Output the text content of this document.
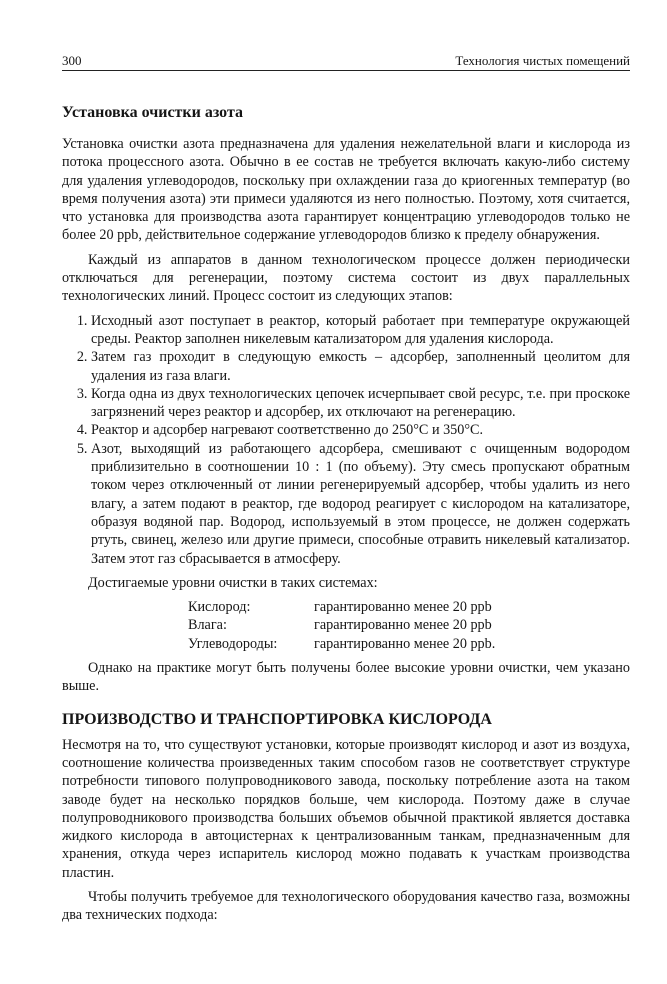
300	Технология чистых помещений
Установка очистки азота

Установка очистки азота предназначена для удаления нежелательной влаги и кислорода из потока процессного азота. Обычно в ее состав не требуется включать какую-либо систему для удаления углеводородов, поскольку при охлаждении газа до криогенных температур (во время получения азота) эти примеси удаляются из него полностью. Поэтому, хотя считается, что установка для производства азота гарантирует концентрацию углеводородов только не более 20 ppb, действительное содержание углеводородов близко к пределу обнаружения.

Каждый из аппаратов в данном технологическом процессе должен периодически отключаться для регенерации, поэтому система состоит из двух параллельных технологических линий. Процесс состоит из следующих этапов:

1. Исходный азот поступает в реактор, который работает при температуре окружающей среды. Реактор заполнен никелевым катализатором для удаления кислорода.
2. Затем газ проходит в следующую емкость – адсорбер, заполненный цеолитом для удаления из газа влаги.
3. Когда одна из двух технологических цепочек исчерпывает свой ресурс, т.е. при проскоке загрязнений через реактор и адсорбер, их отключают на регенерацию.
4. Реактор и адсорбер нагревают соответственно до 250°С и 350°С.
5. Азот, выходящий из работающего адсорбера, смешивают с очищенным водородом приблизительно в соотношении 10 : 1 (по объему). Эту смесь пропускают обратным током через отключенный от линии регенерируемый адсорбер, чтобы удалить из него влагу, а затем подают в реактор, где водород реагирует с кислородом на катализаторе, образуя водяной пар. Водород, используемый в этом процессе, не должен содержать ртуть, свинец, железо или другие примеси, способные отравить никелевый катализатор. Затем этот газ сбрасывается в атмосферу.

Достигаемые уровни очистки в таких системах:

Кислород:	гарантированно менее 20 ppb
Влага:	гарантированно менее 20 ppb
Углеводороды:	гарантированно менее 20 ppb.

Однако на практике могут быть получены более высокие уровни очистки, чем указано выше.

ПРОИЗВОДСТВО И ТРАНСПОРТИРОВКА КИСЛОРОДА

Несмотря на то, что существуют установки, которые производят кислород и азот из воздуха, соотношение количества произведенных таким способом газов не соответствует структуре потребности типового полупроводникового завода, поскольку потребление азота на таком заводе будет на несколько порядков больше, чем кислорода. Поэтому даже в случае полупроводникового производства больших объемов обычной практикой является доставка жидкого кислорода в автоцистернах к централизованным танкам, предназначенным для хранения, откуда через испаритель кислород можно подавать к участкам производства пластин.

Чтобы получить требуемое для технологического оборудования качество газа, возможны два технических подхода:
